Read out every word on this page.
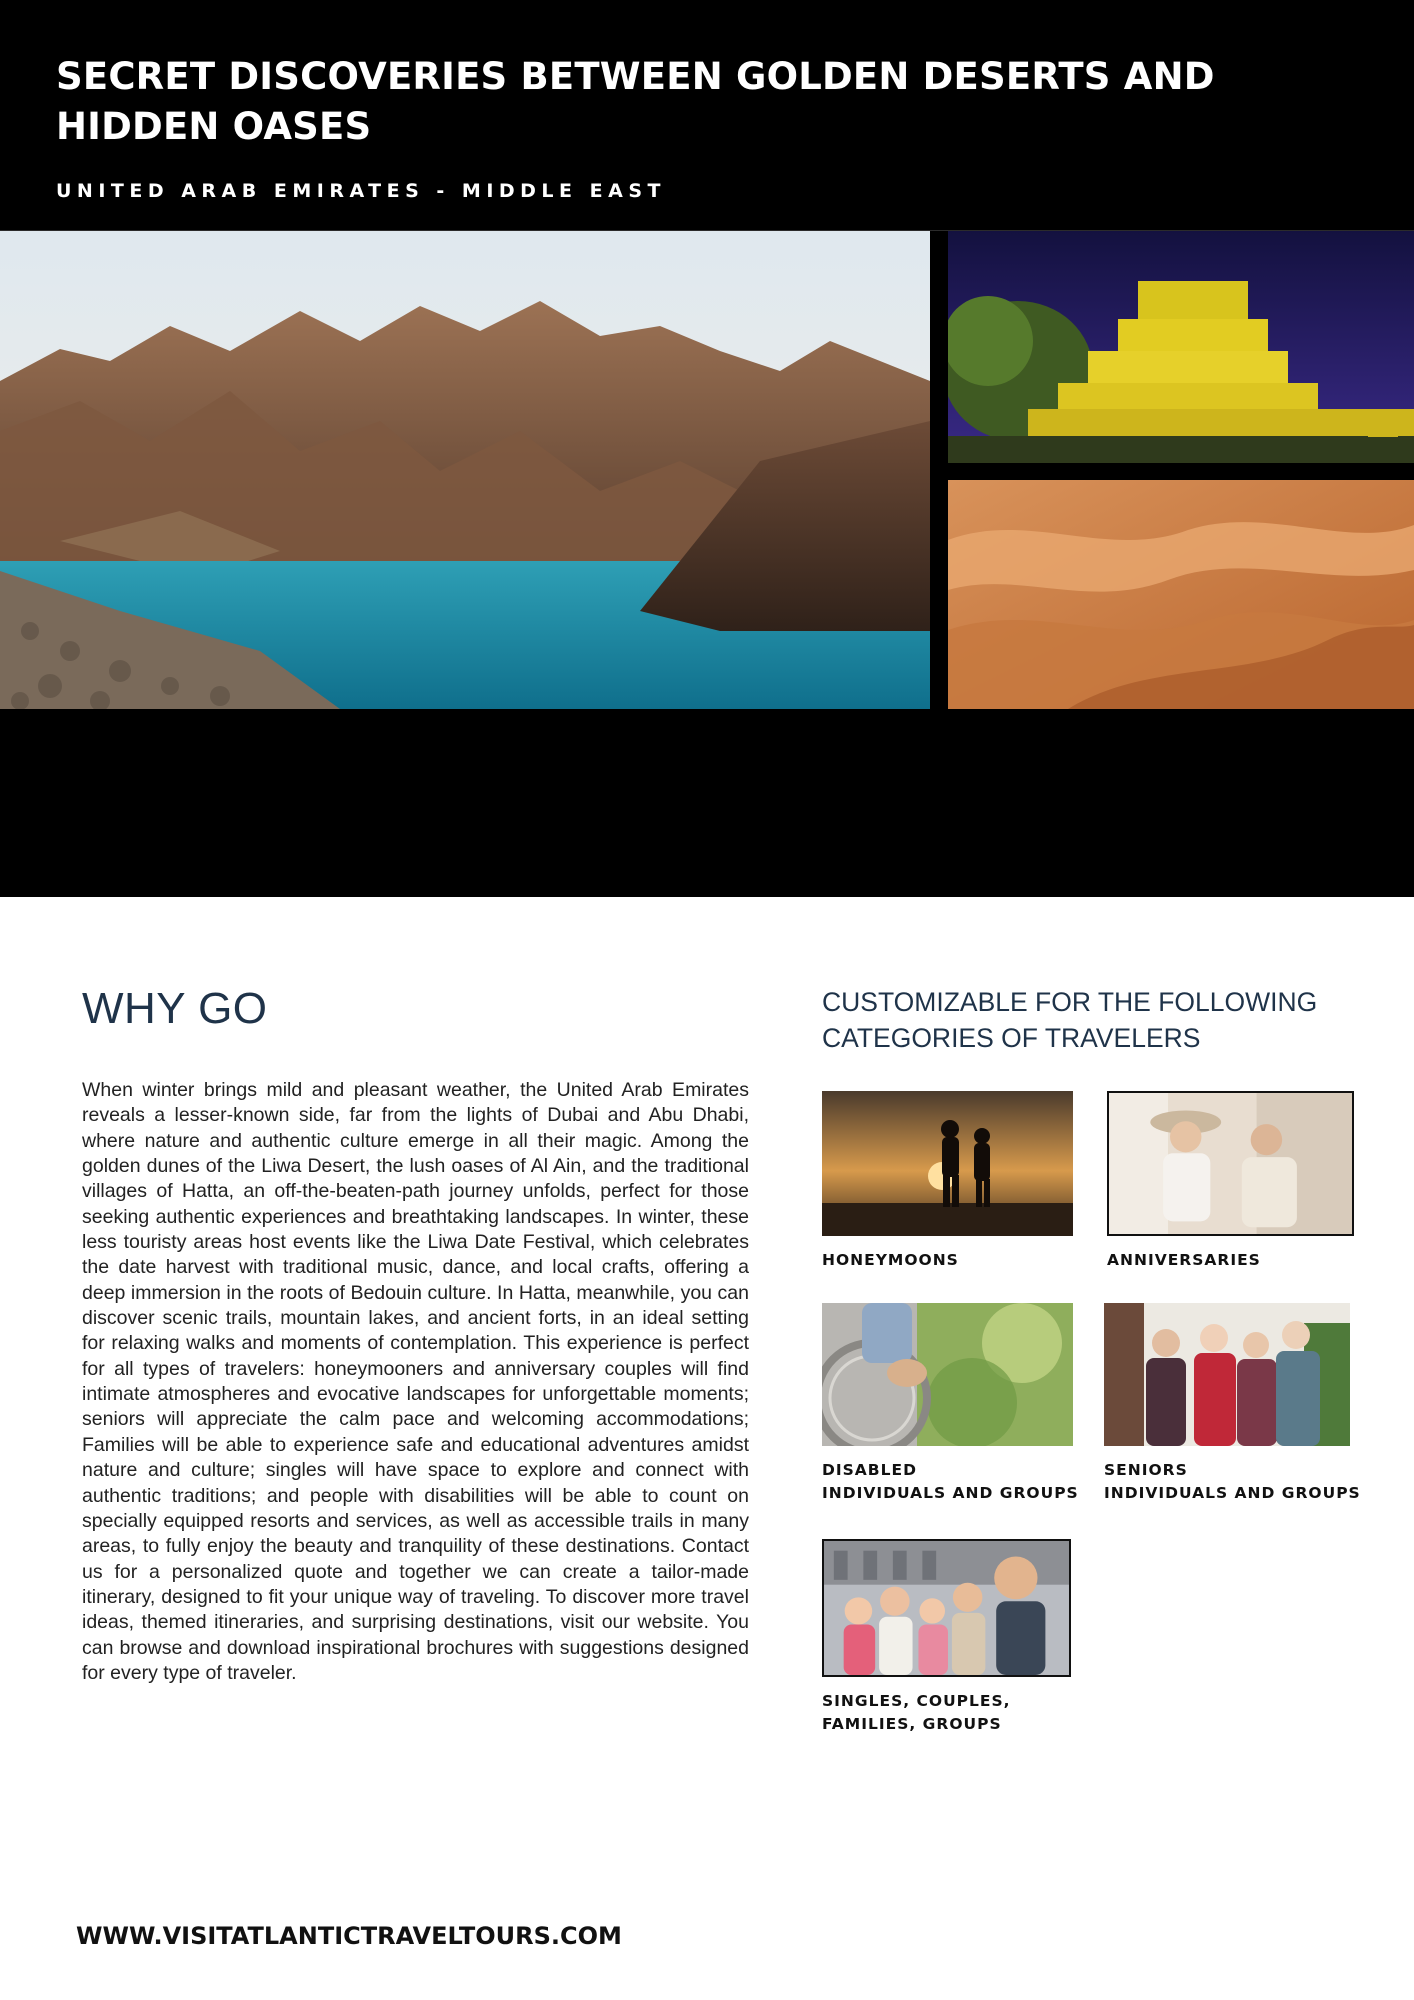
SECRET DISCOVERIES BETWEEN GOLDEN DESERTS AND HIDDEN OASES

UNITED ARAB EMIRATES - MIDDLE EAST

WHY GO

When winter brings mild and pleasant weather, the United Arab Emirates reveals a lesser-known side, far from the lights of Dubai and Abu Dhabi, where nature and authentic culture emerge in all their magic. Among the golden dunes of the Liwa Desert, the lush oases of Al Ain, and the traditional villages of Hatta, an off-the-beaten-path journey unfolds, perfect for those seeking authentic experiences and breathtaking landscapes. In winter, these less touristy areas host events like the Liwa Date Festival, which celebrates the date harvest with traditional music, dance, and local crafts, offering a deep immersion in the roots of Bedouin culture. In Hatta, meanwhile, you can discover scenic trails, mountain lakes, and ancient forts, in an ideal setting for relaxing walks and moments of contemplation. This experience is perfect for all types of travelers: honeymooners and anniversary couples will find intimate atmospheres and evocative landscapes for unforgettable moments; seniors will appreciate the calm pace and welcoming accommodations; Families will be able to experience safe and educational adventures amidst nature and culture; singles will have space to explore and connect with authentic traditions; and people with disabilities will be able to count on specially equipped resorts and services, as well as accessible trails in many areas, to fully enjoy the beauty and tranquility of these destinations. Contact us for a personalized quote and together we can create a tailor-made itinerary, designed to fit your unique way of traveling. To discover more travel ideas, themed itineraries, and surprising destinations, visit our website. You can browse and download inspirational brochures with suggestions designed for every type of traveler.

CUSTOMIZABLE FOR THE FOLLOWING CATEGORIES OF TRAVELERS

HONEYMOONS	ANNIVERSARIES

DISABLED
INDIVIDUALS AND GROUPS

SENIORS
INDIVIDUALS AND GROUPS

SINGLES, COUPLES,
FAMILIES, GROUPS

WWW.VISITATLANTICTRAVELTOURS.COM
